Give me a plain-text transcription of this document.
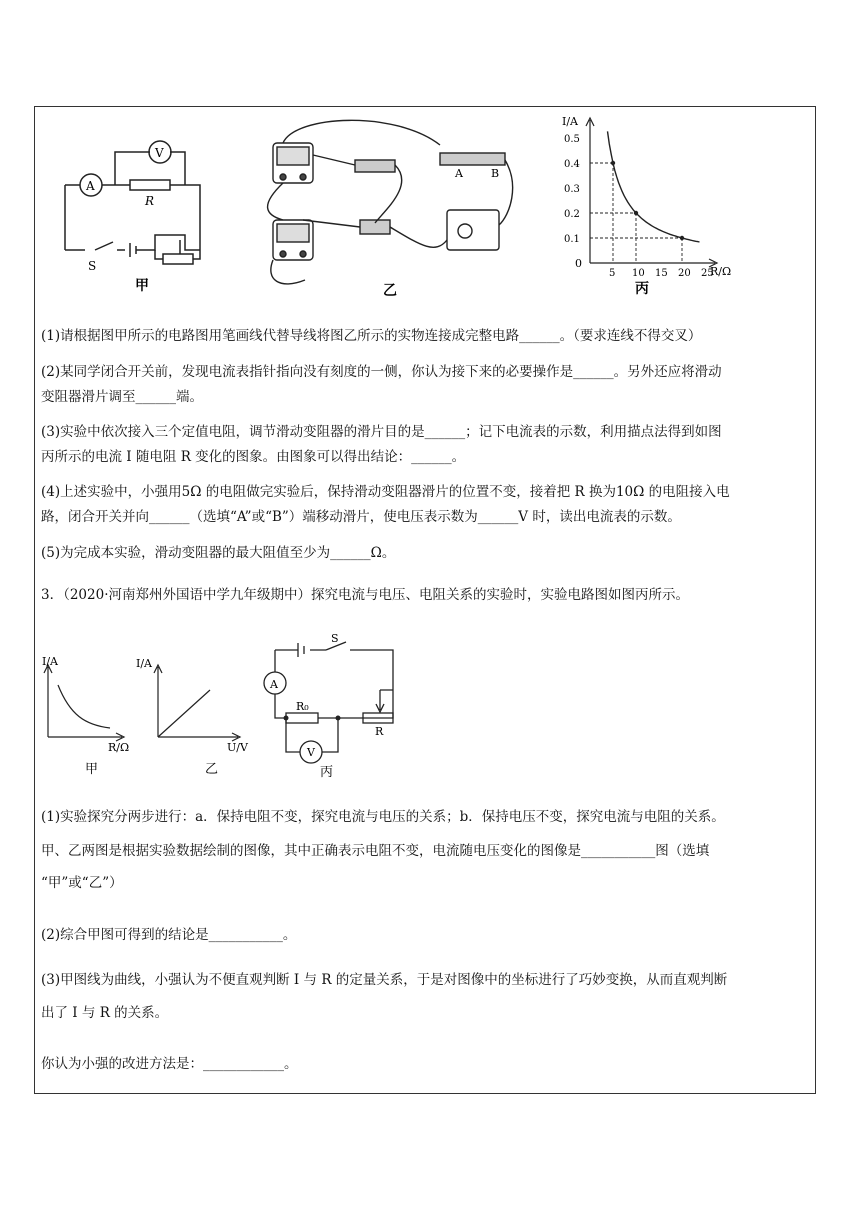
A
V
R
S
甲
A	B
乙
0.5
0.4
0.3
0.2
0.1
5 10 15 20 25
I/A
R/Ω
0
丙
(1)请根据图甲所示的电路图用笔画线代替导线将图乙所示的实物连接成完整电路______。（要求连线不得交叉）
(2)某同学闭合开关前，发现电流表指针指向没有刻度的一侧，你认为接下来的必要操作是______。另外还应将滑动
变阻器滑片调至______端。
(3)实验中依次接入三个定值电阻，调节滑动变阻器的滑片目的是______；记下电流表的示数，利用描点法得到如图
丙所示的电流 I 随电阻 R 变化的图象。由图象可以得出结论：______。
(4)上述实验中，小强用5Ω 的电阻做完实验后，保持滑动变阻器滑片的位置不变，接着把 R 换为10Ω 的电阻接入电
路，闭合开关并向______（选填“A”或“B”）端移动滑片，使电压表示数为______V 时，读出电流表的示数。
(5)为完成本实验，滑动变阻器的最大阻值至少为______Ω。
3．（2020·河南郑州外国语中学九年级期中）探究电流与电压、电阻关系的实验时，实验电路图如图丙所示。
I/A
R/Ω
甲
I/A
U/V
乙
S
A
R₀
R
V
丙
(1)实验探究分两步进行：a．保持电阻不变，探究电流与电压的关系；b．保持电压不变，探究电流与电阻的关系。
甲、乙两图是根据实验数据绘制的图像，其中正确表示电阻不变，电流随电压变化的图像是___________图（选填
“甲”或“乙”）
(2)综合甲图可得到的结论是___________。
(3)甲图线为曲线，小强认为不便直观判断 I 与 R 的定量关系，于是对图像中的坐标进行了巧妙变换，从而直观判断
出了 I 与 R 的关系。
你认为小强的改进方法是：____________。
